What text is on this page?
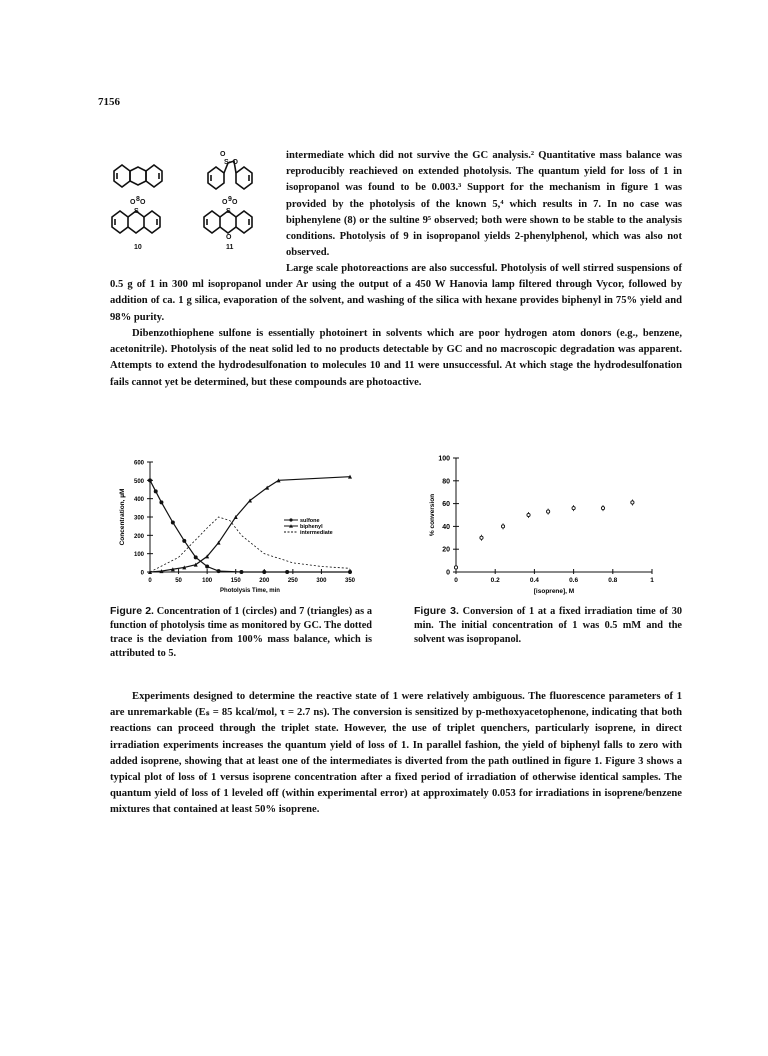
7156
O
S–O
O O
S
O O
S
O
8	9
10	11

intermediate which did not survive the GC analysis.² Quantitative mass balance was reproducibly reachieved on extended photolysis. The quantum yield for loss of 1 in isopropanol was found to be 0.003.³ Support for the mechanism in figure 1 was provided by the photolysis of the known 5,⁴ which results in 7. In no case was biphenylene (8) or the sultine 9⁵ observed; both were shown to be stable to the analysis conditions. Photolysis of 9 in isopropanol yields 2-phenylphenol, which was also not observed.

Large scale photoreactions are also successful. Photolysis of well stirred suspensions of 0.5 g of 1 in 300 ml isopropanol under Ar using the output of a 450 W Hanovia lamp filtered through Vycor, followed by addition of ca. 1 g silica, evaporation of the solvent, and washing of the silica with hexane provides biphenyl in 75% yield and 98% purity.

Dibenzothiophene sulfone is essentially photoinert in solvents which are poor hydrogen atom donors (e.g., benzene, acetonitrile). Photolysis of the neat solid led to no products detectable by GC and no macroscopic degradation was apparent. Attempts to extend the hydrodesulfonation to molecules 10 and 11 were unsuccessful. At which stage the hydrodesulfonation fails cannot yet be determined, but these compounds are photoactive.

0
100
200
300
400
500
600
0	50	100	150	200	250	300	350
Photolysis Time, min
Concentration, µM	sulfone
biphenyl
intermediate
0
20
40
60
80
100
0	0.2	0.4	0.6	0.8	1
[isoprene], M
% conversion
Figure 2. Concentration of 1 (circles) and 7 (triangles) as a function of photolysis time as monitored by GC. The dotted trace is the deviation from 100% mass balance, which is attributed to 5.
Figure 3. Conversion of 1 at a fixed irradiation time of 30 min. The initial concentration of 1 was 0.5 mM and the solvent was isopropanol.

Experiments designed to determine the reactive state of 1 were relatively ambiguous. The fluorescence parameters of 1 are unremarkable (Eₛ = 85 kcal/mol, τ = 2.7 ns). The conversion is sensitized by p-methoxyacetophenone, indicating that both reactions can proceed through the triplet state. However, the use of triplet quenchers, particularly isoprene, in direct irradiation experiments increases the quantum yield of loss of 1. In parallel fashion, the yield of biphenyl falls to zero with added isoprene, showing that at least one of the intermediates is diverted from the path outlined in figure 1. Figure 3 shows a typical plot of loss of 1 versus isoprene concentration after a fixed period of irradiation of otherwise identical samples. The quantum yield of loss of 1 leveled off (within experimental error) at approximately 0.053 for irradiations in isoprene/benzene mixtures that contained at least 50% isoprene.
